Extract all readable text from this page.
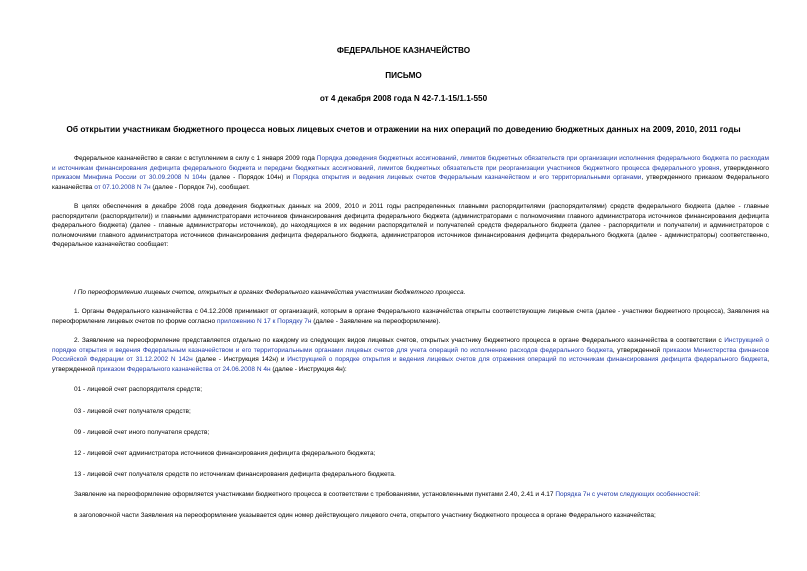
ФЕДЕРАЛЬНОЕ КАЗНАЧЕЙСТВО
ПИСЬМО
от 4 декабря 2008 года N 42-7.1-15/1.1-550
Об открытии участникам бюджетного процесса новых лицевых счетов и отражении на них операций по доведению бюджетных данных на 2009, 2010, 2011 годы

Федеральное казначейство в связи с вступлением в силу с 1 января 2009 года Порядка доведения бюджетных ассигнований, лимитов бюджетных обязательств при организации исполнения федерального бюджета по расходам и источникам финансирования дефицита федерального бюджета и передачи бюджетных ассигнований, лимитов бюджетных обязательств при реорганизации участников бюджетного процесса федерального уровня, утвержденного приказом Минфина России от 30.09.2008 N 104н (далее - Порядок 104н) и Порядка открытия и ведения лицевых счетов Федеральным казначейством и его территориальными органами, утвержденного приказом Федерального казначейства от 07.10.2008 N 7н (далее - Порядок 7н), сообщает.

В целях обеспечения в декабре 2008 года доведения бюджетных данных на 2009, 2010 и 2011 годы распределенных главными распорядителями (распорядителями) средств федерального бюджета (далее - главные распорядители (распорядители)) и главными администраторами источников финансирования дефицита федерального бюджета (администраторами с полномочиями главного администратора источников финансирования дефицита федерального бюджета) (далее - главные администраторы источников), до находящихся в их ведении распорядителей и получателей средств федерального бюджета (далее - распорядители и получатели) и администраторов с полномочиями главного администратора источников финансирования дефицита федерального бюджета, администраторов источников финансирования дефицита федерального бюджета (далее - администраторы) соответственно, Федеральное казначейство сообщает:

I По переоформлению лицевых счетов, открытых в органах Федерального казначейства участникам бюджетного процесса.

1. Органы Федерального казначейства с 04.12.2008 принимают от организаций, которым в органе Федерального казначейства открыты соответствующие лицевые счета (далее - участники бюджетного процесса), Заявления на переоформление лицевых счетов по форме согласно приложению N 17 к Порядку 7н (далее - Заявление на переоформление).

2. Заявление на переоформление представляется отдельно по каждому из следующих видов лицевых счетов, открытых участнику бюджетного процесса в органе Федерального казначейства в соответствии с Инструкцией о порядке открытия и ведения Федеральным казначейством и его территориальными органами лицевых счетов для учета операций по исполнению расходов федерального бюджета, утвержденной приказом Министерства финансов Российской Федерации от 31.12.2002 N 142н (далее - Инструкция 142н) и Инструкцией о порядке открытия и ведения лицевых счетов для отражения операций по источникам финансирования дефицита федерального бюджета, утвержденной приказом Федерального казначейства от 24.06.2008 N 4н (далее - Инструкция 4н):

01 - лицевой счет распорядителя средств;

03 - лицевой счет получателя средств;

09 - лицевой счет иного получателя средств;

12 - лицевой счет администратора источников финансирования дефицита федерального бюджета;

13 - лицевой счет получателя средств по источникам финансирования дефицита федерального бюджета.

Заявление на переоформление оформляется участниками бюджетного процесса в соответствии с требованиями, установленными пунктами 2.40, 2.41 и 4.17 Порядка 7н с учетом следующих особенностей:

в заголовочной части Заявления на переоформление указывается один номер действующего лицевого счета, открытого участнику бюджетного процесса в органе Федерального казначейства;
